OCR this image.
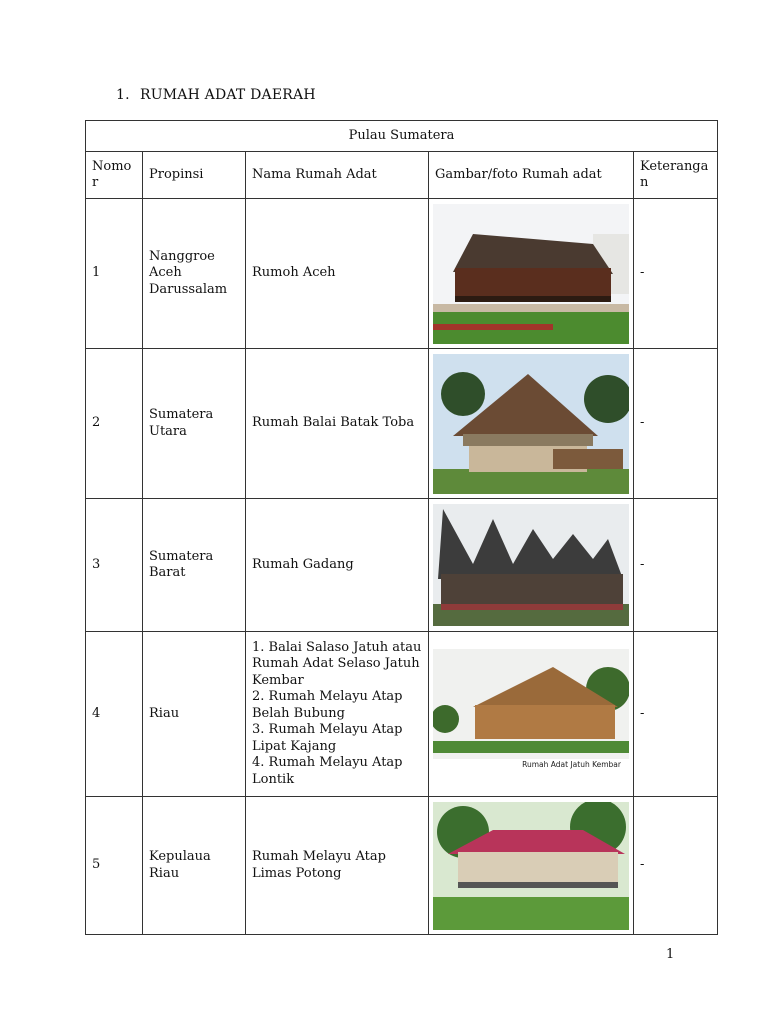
1. RUMAH ADAT DAERAH
Pulau Sumatera				
Nomo r	Propinsi	Nama Rumah Adat	Gambar/foto Rumah adat	Keteranga n
1	Nanggroe Aceh Darussalam	Rumoh Aceh		-
2	Sumatera Utara	Rumah Balai Batak Toba		-
3	Sumatera Barat	Rumah Gadang		-
4	Riau	1. Balai Salaso Jatuh atau Rumah Adat Selaso Jatuh Kembar
2. Rumah Melayu Atap Belah Bubung
3. Rumah Melayu Atap Lipat Kajang
4. Rumah Melayu Atap Lontik	Rumah Adat Jatuh Kembar	-
5	Kepulaua Riau	Rumah Melayu Atap Limas Potong		-
1
